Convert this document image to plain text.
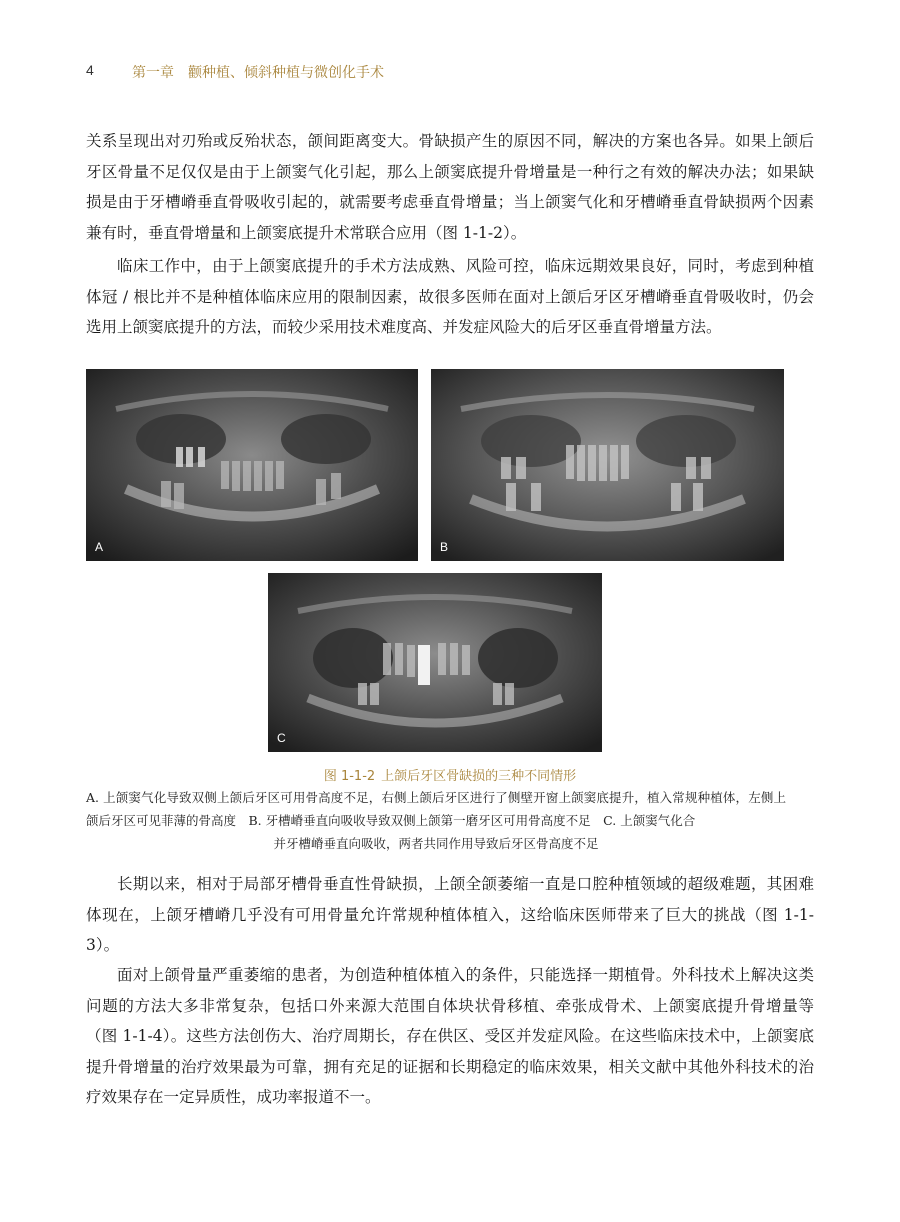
4	第一章　颧种植、倾斜种植与微创化手术

关系呈现出对刃殆或反殆状态，颌间距离变大。骨缺损产生的原因不同，解决的方案也各异。如果上颌后牙区骨量不足仅仅是由于上颌窦气化引起，那么上颌窦底提升骨增量是一种行之有效的解决办法；如果缺损是由于牙槽嵴垂直骨吸收引起的，就需要考虑垂直骨增量；当上颌窦气化和牙槽嵴垂直骨缺损两个因素兼有时，垂直骨增量和上颌窦底提升术常联合应用（图 1-1-2）。

临床工作中，由于上颌窦底提升的手术方法成熟、风险可控，临床远期效果良好，同时，考虑到种植体冠 / 根比并不是种植体临床应用的限制因素，故很多医师在面对上颌后牙区牙槽嵴垂直骨吸收时，仍会选用上颌窦底提升的方法，而较少采用技术难度高、并发症风险大的后牙区垂直骨增量方法。

A	B
C
图 1-1-2 上颌后牙区骨缺损的三种不同情形

A. 上颌窦气化导致双侧上颌后牙区可用骨高度不足，右侧上颌后牙区进行了侧壁开窗上颌窦底提升，植入常规种植体，左侧上颌后牙区可见菲薄的骨高度　B. 牙槽嵴垂直向吸收导致双侧上颌第一磨牙区可用骨高度不足　C. 上颌窦气化合
并牙槽嵴垂直向吸收，两者共同作用导致后牙区骨高度不足

长期以来，相对于局部牙槽骨垂直性骨缺损，上颌全颌萎缩一直是口腔种植领域的超级难题，其困难体现在，上颌牙槽嵴几乎没有可用骨量允许常规种植体植入，这给临床医师带来了巨大的挑战（图 1-1-3）。

面对上颌骨量严重萎缩的患者，为创造种植体植入的条件，只能选择一期植骨。外科技术上解决这类问题的方法大多非常复杂，包括口外来源大范围自体块状骨移植、牵张成骨术、上颌窦底提升骨增量等（图 1-1-4）。这些方法创伤大、治疗周期长，存在供区、受区并发症风险。在这些临床技术中，上颌窦底提升骨增量的治疗效果最为可靠，拥有充足的证据和长期稳定的临床效果，相关文献中其他外科技术的治疗效果存在一定异质性，成功率报道不一。
